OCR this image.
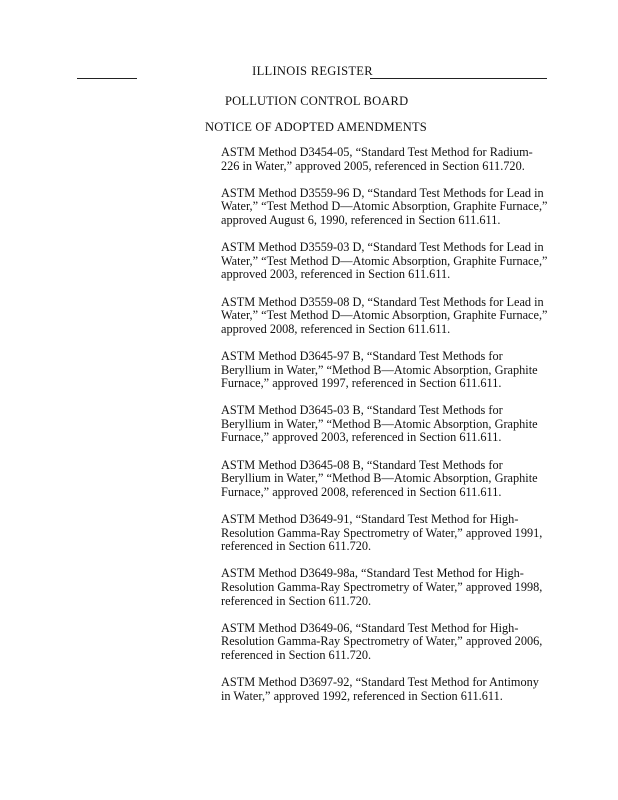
ILLINOIS REGISTER
POLLUTION CONTROL BOARD
NOTICE OF ADOPTED AMENDMENTS
ASTM Method D3454-05, “Standard Test Method for Radium-226 in Water,” approved 2005, referenced in Section 611.720.
ASTM Method D3559-96 D, “Standard Test Methods for Lead in Water,” “Test Method D—Atomic Absorption, Graphite Furnace,” approved August 6, 1990, referenced in Section 611.611.
ASTM Method D3559-03 D, “Standard Test Methods for Lead in Water,” “Test Method D—Atomic Absorption, Graphite Furnace,” approved 2003, referenced in Section 611.611.
ASTM Method D3559-08 D, “Standard Test Methods for Lead in Water,” “Test Method D—Atomic Absorption, Graphite Furnace,” approved 2008, referenced in Section 611.611.
ASTM Method D3645-97 B, “Standard Test Methods for Beryllium in Water,” “Method B—Atomic Absorption, Graphite Furnace,” approved 1997, referenced in Section 611.611.
ASTM Method D3645-03 B, “Standard Test Methods for Beryllium in Water,” “Method B—Atomic Absorption, Graphite Furnace,” approved 2003, referenced in Section 611.611.
ASTM Method D3645-08 B, “Standard Test Methods for Beryllium in Water,” “Method B—Atomic Absorption, Graphite Furnace,” approved 2008, referenced in Section 611.611.
ASTM Method D3649-91, “Standard Test Method for High-Resolution Gamma-Ray Spectrometry of Water,” approved 1991, referenced in Section 611.720.
ASTM Method D3649-98a, “Standard Test Method for High-Resolution Gamma-Ray Spectrometry of Water,” approved 1998, referenced in Section 611.720.
ASTM Method D3649-06, “Standard Test Method for High-Resolution Gamma-Ray Spectrometry of Water,” approved 2006, referenced in Section 611.720.
ASTM Method D3697-92, “Standard Test Method for Antimony in Water,” approved 1992, referenced in Section 611.611.
